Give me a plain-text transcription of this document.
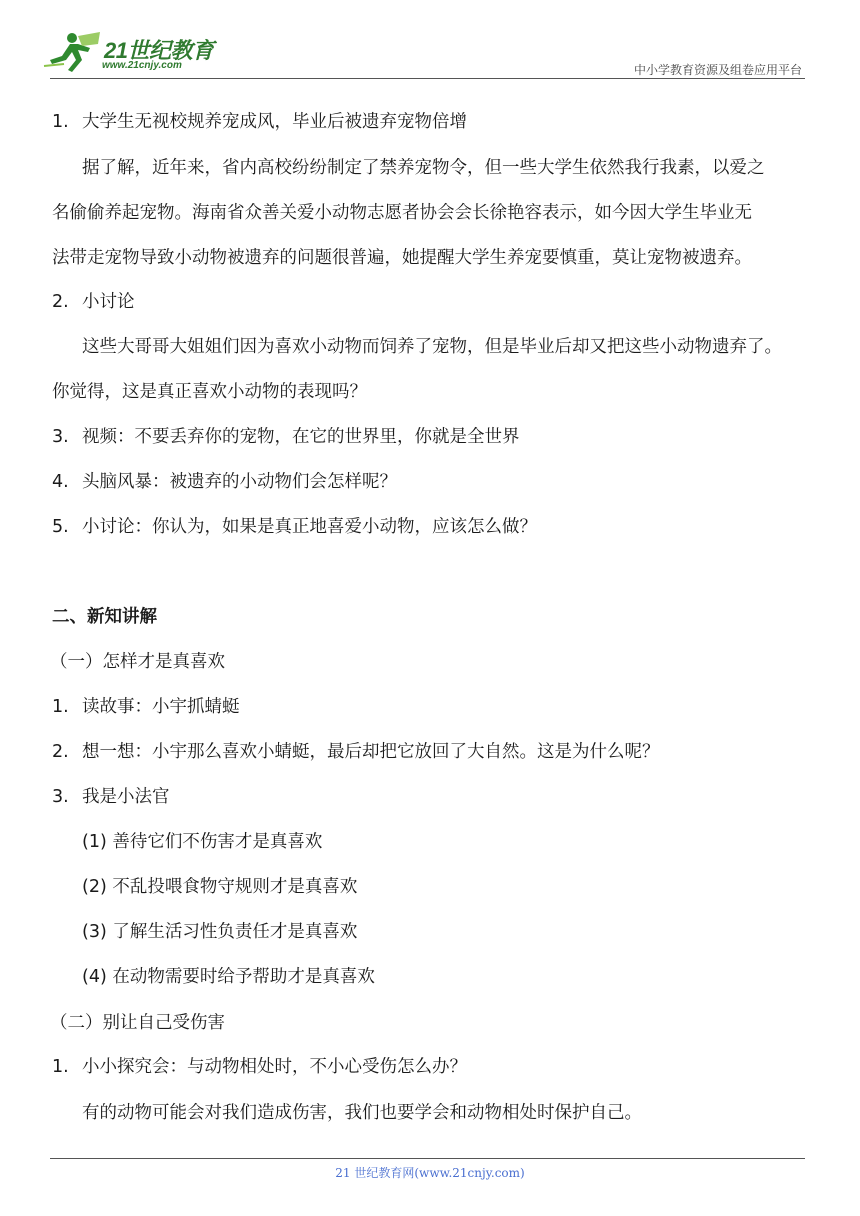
21世纪教育
www.21cnjy.com	中小学教育资源及组卷应用平台
1. 大学生无视校规养宠成风，毕业后被遗弃宠物倍增
据了解，近年来，省内高校纷纷制定了禁养宠物令，但一些大学生依然我行我素，以爱之
名偷偷养起宠物。海南省众善关爱小动物志愿者协会会长徐艳容表示，如今因大学生毕业无
法带走宠物导致小动物被遗弃的问题很普遍，她提醒大学生养宠要慎重，莫让宠物被遗弃。
2. 小讨论
这些大哥哥大姐姐们因为喜欢小动物而饲养了宠物，但是毕业后却又把这些小动物遗弃了。
你觉得，这是真正喜欢小动物的表现吗？
3. 视频：不要丢弃你的宠物，在它的世界里，你就是全世界
4. 头脑风暴：被遗弃的小动物们会怎样呢？
5. 小讨论：你认为，如果是真正地喜爱小动物，应该怎么做？
二、新知讲解
（一）怎样才是真喜欢
1. 读故事：小宇抓蜻蜓
2. 想一想：小宇那么喜欢小蜻蜓，最后却把它放回了大自然。这是为什么呢？
3. 我是小法官
(1) 善待它们不伤害才是真喜欢
(2) 不乱投喂食物守规则才是真喜欢
(3) 了解生活习性负责任才是真喜欢
(4) 在动物需要时给予帮助才是真喜欢
（二）别让自己受伤害
1. 小小探究会：与动物相处时，不小心受伤怎么办？
有的动物可能会对我们造成伤害，我们也要学会和动物相处时保护自己。
21 世纪教育网(www.21cnjy.com)
